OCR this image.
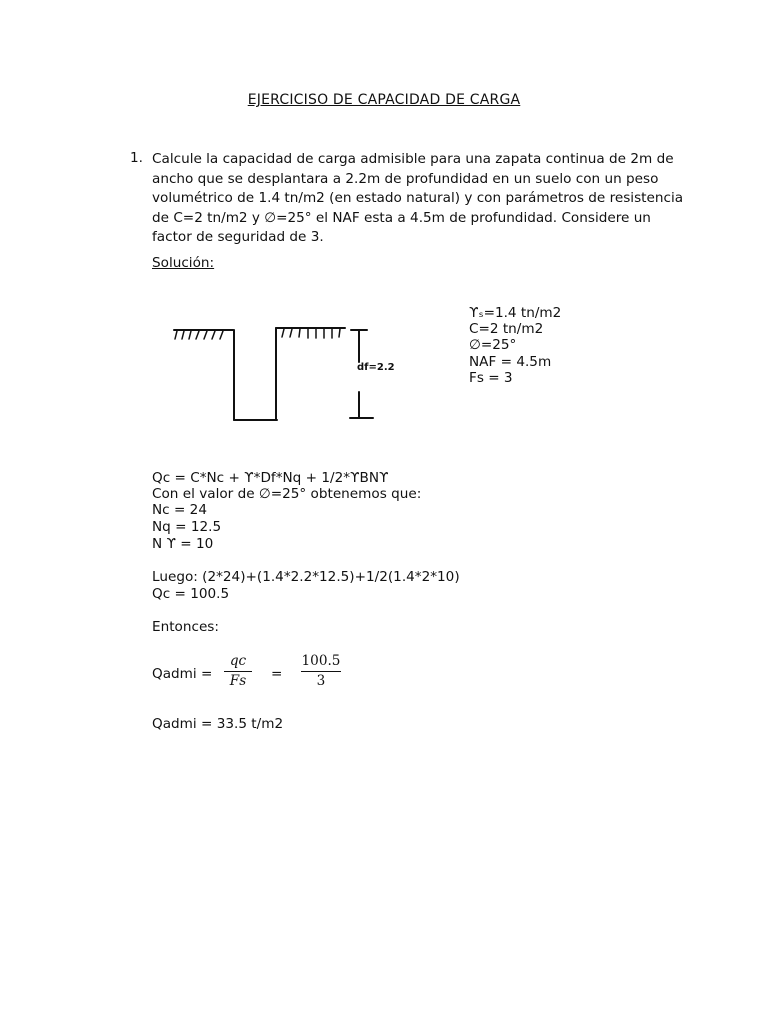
EJERCICISO DE CAPACIDAD DE CARGA
1. Calcule la capacidad de carga admisible para una zapata continua de 2m de ancho que se desplantara a 2.2m de profundidad en un suelo con un peso volumétrico de 1.4 tn/m2 (en estado natural) y con parámetros de resistencia de C=2 tn/m2 y ∅=25° el NAF esta a 4.5m de profundidad. Considere un factor de seguridad de 3.
Solución:
df=2.2
ϒₛ=1.4 tn/m2
C=2 tn/m2
∅=25°
NAF = 4.5m
Fs = 3
Qc = C*Nc + ϒ*Df*Nq + 1/2*ϒBNϒ
Con el valor de ∅=25° obtenemos que:
Nc = 24
Nq = 12.5
N ϒ = 10
Luego: (2*24)+(1.4*2.2*12.5)+1/2(1.4*2*10)
Qc = 100.5
Entonces:
Qadmi =
qc
Fs	=
100.5
3
Qadmi = 33.5 t/m2
